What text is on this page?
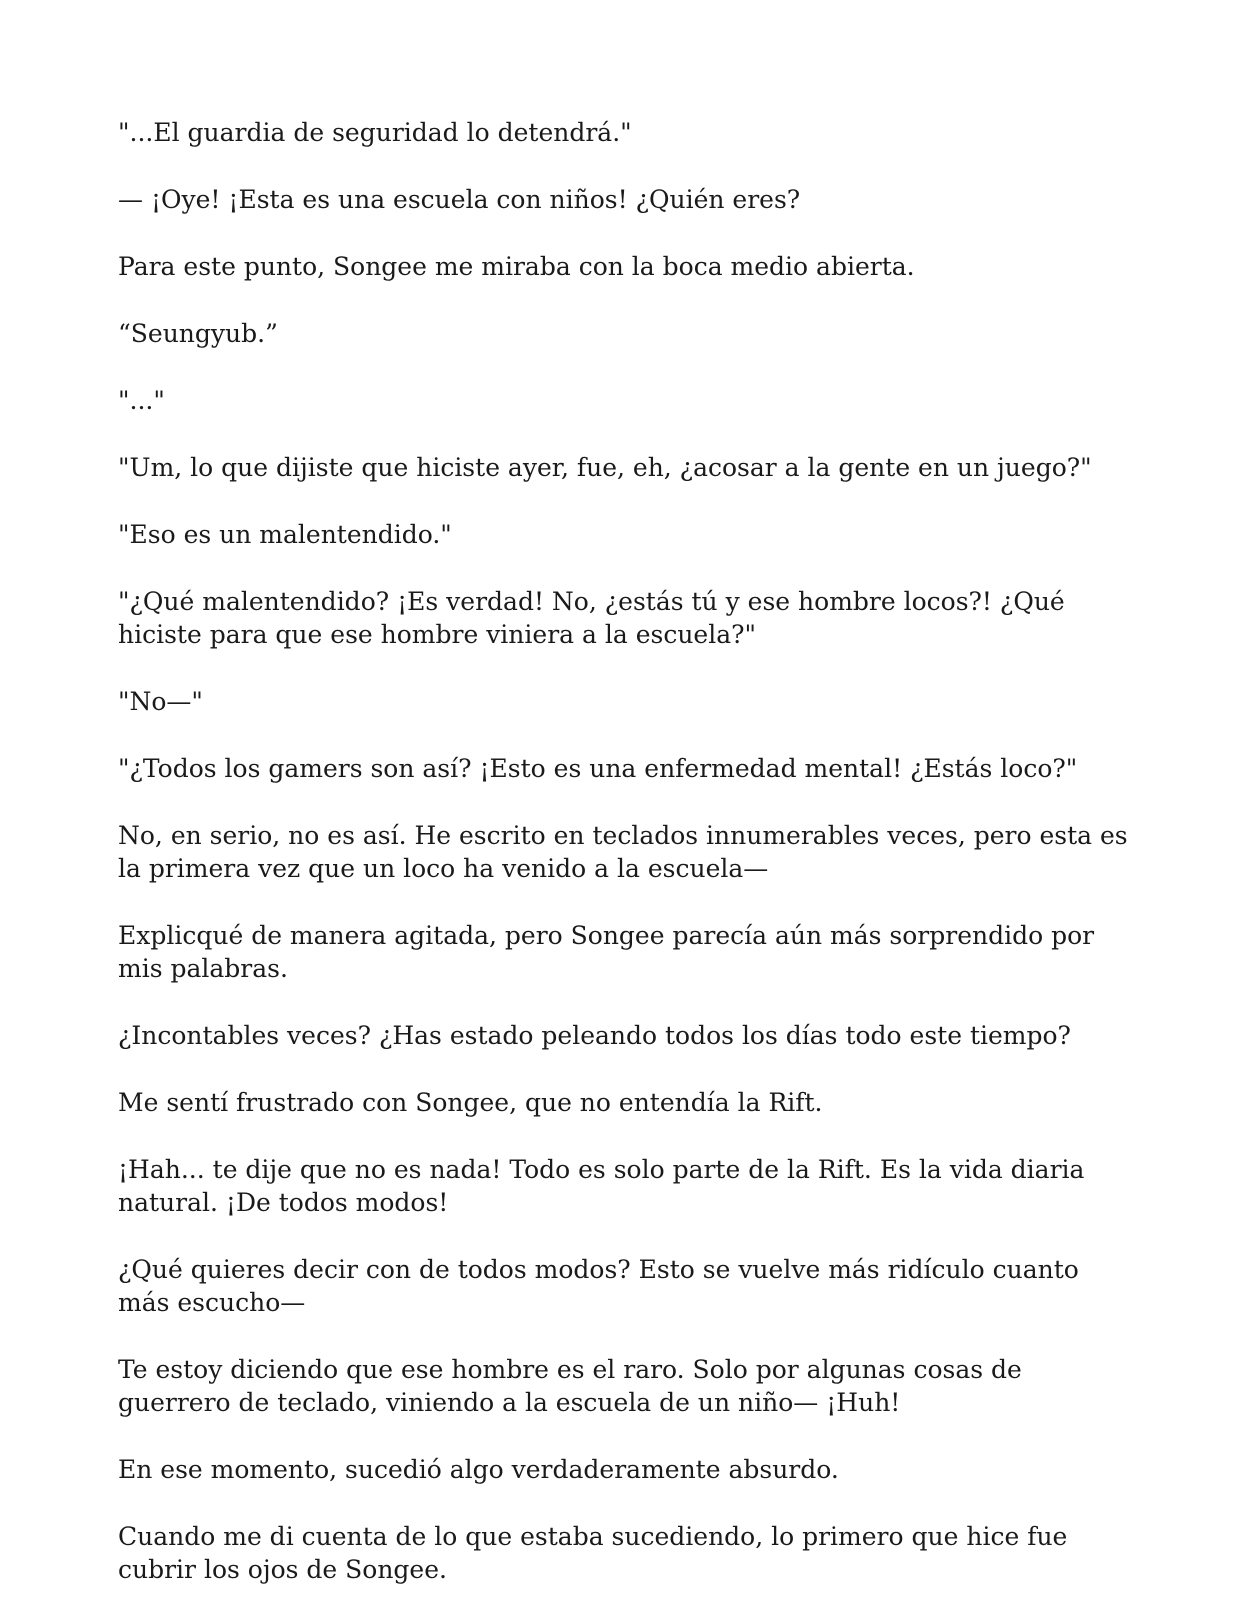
"...El guardia de seguridad lo detendrá."

— ¡Oye! ¡Esta es una escuela con niños! ¿Quién eres?

Para este punto, Songee me miraba con la boca medio abierta.

“Seungyub.”

"..."

"Um, lo que dijiste que hiciste ayer, fue, eh, ¿acosar a la gente en un juego?"

"Eso es un malentendido."

"¿Qué malentendido? ¡Es verdad! No, ¿estás tú y ese hombre locos?! ¿Qué hiciste para que ese hombre viniera a la escuela?"

"No—"

"¿Todos los gamers son así? ¡Esto es una enfermedad mental! ¿Estás loco?"

No, en serio, no es así. He escrito en teclados innumerables veces, pero esta es la primera vez que un loco ha venido a la escuela—

Explicqué de manera agitada, pero Songee parecía aún más sorprendido por mis palabras.

¿Incontables veces? ¿Has estado peleando todos los días todo este tiempo?

Me sentí frustrado con Songee, que no entendía la Rift.

¡Hah... te dije que no es nada! Todo es solo parte de la Rift. Es la vida diaria natural. ¡De todos modos!

¿Qué quieres decir con de todos modos? Esto se vuelve más ridículo cuanto más escucho—

Te estoy diciendo que ese hombre es el raro. Solo por algunas cosas de guerrero de teclado, viniendo a la escuela de un niño— ¡Huh!

En ese momento, sucedió algo verdaderamente absurdo.

Cuando me di cuenta de lo que estaba sucediendo, lo primero que hice fue cubrir los ojos de Songee.
